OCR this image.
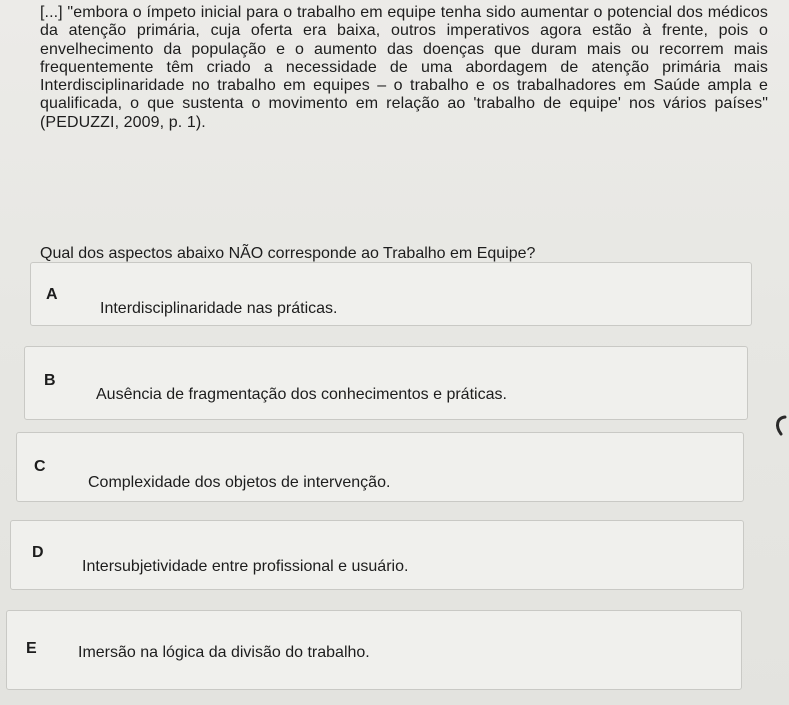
[...] "embora o ímpeto inicial para o trabalho em equipe tenha sido aumentar o potencial dos médicos da atenção primária, cuja oferta era baixa, outros imperativos agora estão à frente, pois o envelhecimento da população e o aumento das doenças que duram mais ou recorrem mais frequentemente têm criado a necessidade de uma abordagem de atenção primária mais Interdisciplinaridade no trabalho em equipes – o trabalho e os trabalhadores em Saúde ampla e qualificada, o que sustenta o movimento em relação ao 'trabalho de equipe' nos vários países" (PEDUZZI, 2009, p. 1).
Qual dos aspectos abaixo NÃO corresponde ao Trabalho em Equipe?
A
Interdisciplinaridade nas práticas.
B
Ausência de fragmentação dos conhecimentos e práticas.
C
Complexidade dos objetos de intervenção.
D
Intersubjetividade entre profissional e usuário.
E	Imersão na lógica da divisão do trabalho.
